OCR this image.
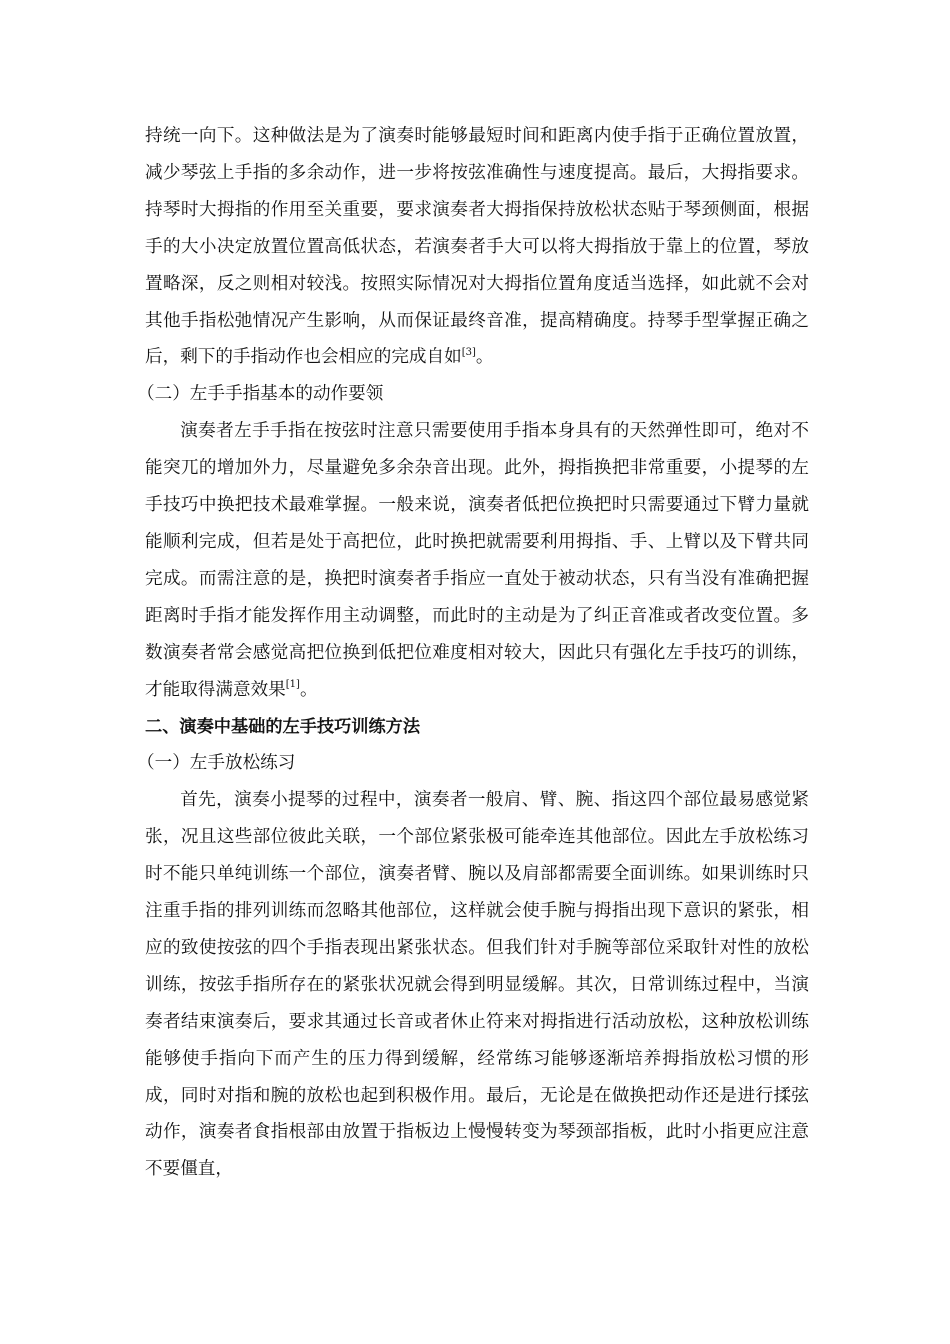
持统一向下。这种做法是为了演奏时能够最短时间和距离内使手指于正确位置放置，减少琴弦上手指的多余动作，进一步将按弦准确性与速度提高。最后，大拇指要求。持琴时大拇指的作用至关重要，要求演奏者大拇指保持放松状态贴于琴颈侧面，根据手的大小决定放置位置高低状态，若演奏者手大可以将大拇指放于靠上的位置，琴放置略深，反之则相对较浅。按照实际情况对大拇指位置角度适当选择，如此就不会对其他手指松弛情况产生影响，从而保证最终音准，提高精确度。持琴手型掌握正确之后，剩下的手指动作也会相应的完成自如[3]。

（二）左手手指基本的动作要领

演奏者左手手指在按弦时注意只需要使用手指本身具有的天然弹性即可，绝对不能突兀的增加外力，尽量避免多余杂音出现。此外，拇指换把非常重要，小提琴的左手技巧中换把技术最难掌握。一般来说，演奏者低把位换把时只需要通过下臂力量就能顺利完成，但若是处于高把位，此时换把就需要利用拇指、手、上臂以及下臂共同完成。而需注意的是，换把时演奏者手指应一直处于被动状态，只有当没有准确把握距离时手指才能发挥作用主动调整，而此时的主动是为了纠正音准或者改变位置。多数演奏者常会感觉高把位换到低把位难度相对较大，因此只有强化左手技巧的训练，才能取得满意效果[1]。

二、演奏中基础的左手技巧训练方法

（一）左手放松练习

首先，演奏小提琴的过程中，演奏者一般肩、臂、腕、指这四个部位最易感觉紧张，况且这些部位彼此关联，一个部位紧张极可能牵连其他部位。因此左手放松练习时不能只单纯训练一个部位，演奏者臂、腕以及肩部都需要全面训练。如果训练时只注重手指的排列训练而忽略其他部位，这样就会使手腕与拇指出现下意识的紧张，相应的致使按弦的四个手指表现出紧张状态。但我们针对手腕等部位采取针对性的放松训练，按弦手指所存在的紧张状况就会得到明显缓解。其次，日常训练过程中，当演奏者结束演奏后，要求其通过长音或者休止符来对拇指进行活动放松，这种放松训练能够使手指向下而产生的压力得到缓解，经常练习能够逐渐培养拇指放松习惯的形成，同时对指和腕的放松也起到积极作用。最后，无论是在做换把动作还是进行揉弦动作，演奏者食指根部由放置于指板边上慢慢转变为琴颈部指板，此时小指更应注意不要僵直，
